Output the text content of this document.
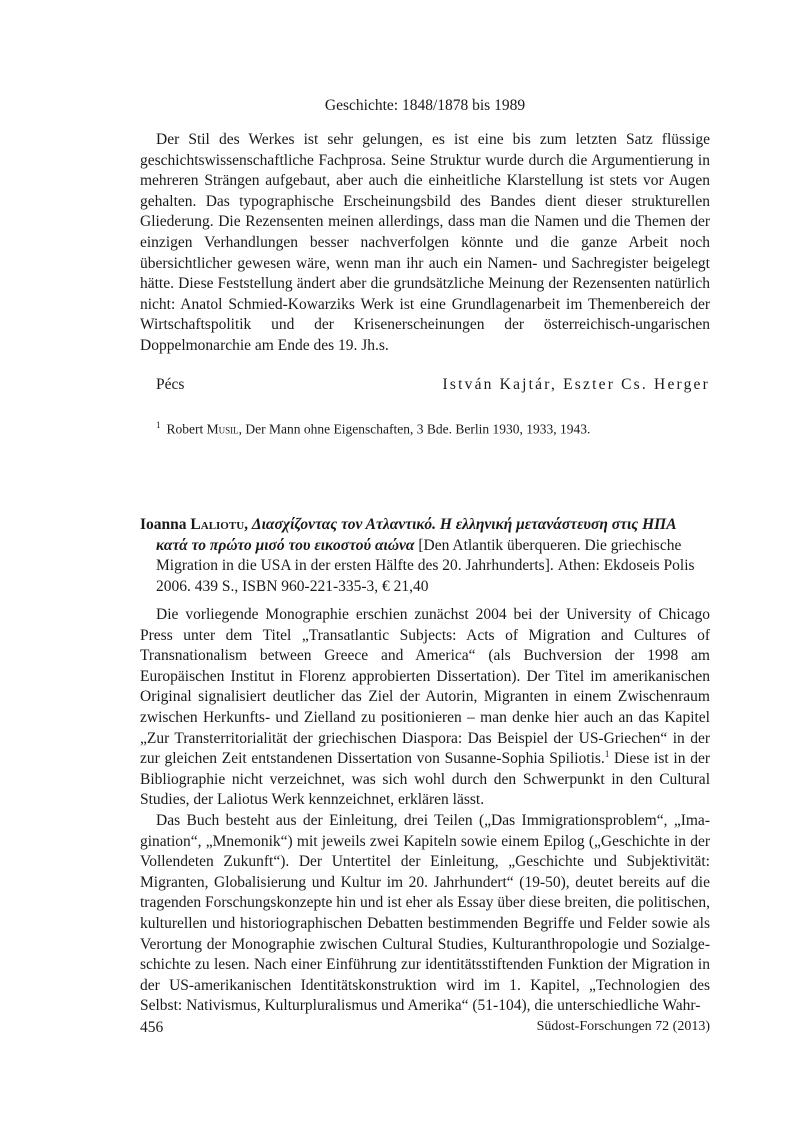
Geschichte: 1848/1878 bis 1989

Der Stil des Werkes ist sehr gelungen, es ist eine bis zum letzten Satz flüssige geschichtswissenschaftliche Fachprosa. Seine Struktur wurde durch die Argumentierung in mehreren Strängen aufgebaut, aber auch die einheitliche Klarstellung ist stets vor Augen gehalten. Das typographische Erscheinungsbild des Bandes dient dieser strukturellen Gliederung. Die Rezensenten meinen allerdings, dass man die Namen und die Themen der einzigen Verhandlungen besser nachverfolgen könnte und die ganze Arbeit noch übersichtlicher gewesen wäre, wenn man ihr auch ein Namen- und Sachregister beigelegt hätte. Diese Feststellung ändert aber die grundsätzliche Meinung der Rezensenten natürlich nicht: Anatol Schmied-Kowarziks Werk ist eine Grundlagenarbeit im Themenbereich der Wirtschaftspolitik und der Krisenerscheinungen der österreichisch-ungarischen Doppelmonarchie am Ende des 19. Jh.s.

Pécs	István Kajtár, Eszter Cs. Herger
$^1$ Robert Musil, Der Mann ohne Eigenschaften, 3 Bde. Berlin 1930, 1933, 1943.
Ioanna Laliotu, Διασχίζοντας τον Ατλαντικό. Η ελληνική μετανάστευση στις ΗΠΑ κατά το πρώτο μισό του εικοστού αιώνα [Den Atlantik überqueren. Die griechische Migration in die USA in der ersten Hälfte des 20. Jahrhunderts]. Athen: Ekdoseis Polis 2006. 439 S., ISBN 960-221-335-3, € 21,40

Die vorliegende Monographie erschien zunächst 2004 bei der University of Chicago Press unter dem Titel „Transatlantic Subjects: Acts of Migration and Cultures of Transnationalism between Greece and America“ (als Buchversion der 1998 am Europäischen Institut in Florenz approbierten Dissertation). Der Titel im amerikanischen Original signalisiert deutlicher das Ziel der Autorin, Migranten in einem Zwischenraum zwischen Herkunfts- und Zielland zu positionieren – man denke hier auch an das Kapitel „Zur Transterritorialität der griechischen Diaspora: Das Beispiel der US-Griechen“ in der zur gleichen Zeit entstandenen Dissertation von Susanne-Sophia Spiliotis.$^1$ Diese ist in der Bibliographie nicht verzeichnet, was sich wohl durch den Schwerpunkt in den Cultural Studies, der Laliotus Werk kennzeichnet, erklären lässt.

Das Buch besteht aus der Einleitung, drei Teilen („Das Immigrationsproblem“, „Imagination“, „Mnemonik“) mit jeweils zwei Kapiteln sowie einem Epilog („Geschichte in der Vollendeten Zukunft“). Der Untertitel der Einleitung, „Geschichte und Subjektivität: Migranten, Globalisierung und Kultur im 20. Jahrhundert“ (19-50), deutet bereits auf die tragenden Forschungskonzepte hin und ist eher als Essay über diese breiten, die politischen, kulturellen und historiographischen Debatten bestimmenden Begriffe und Felder sowie als Verortung der Monographie zwischen Cultural Studies, Kulturanthropologie und Sozialgeschichte zu lesen. Nach einer Einführung zur identitätsstiftenden Funktion der Migration in der US-amerikanischen Identitätskonstruktion wird im 1. Kapitel, „Technologien des Selbst: Nativismus, Kulturpluralismus und Amerika“ (51-104), die unterschiedliche Wahr-

456	Südost-Forschungen 72 (2013)
